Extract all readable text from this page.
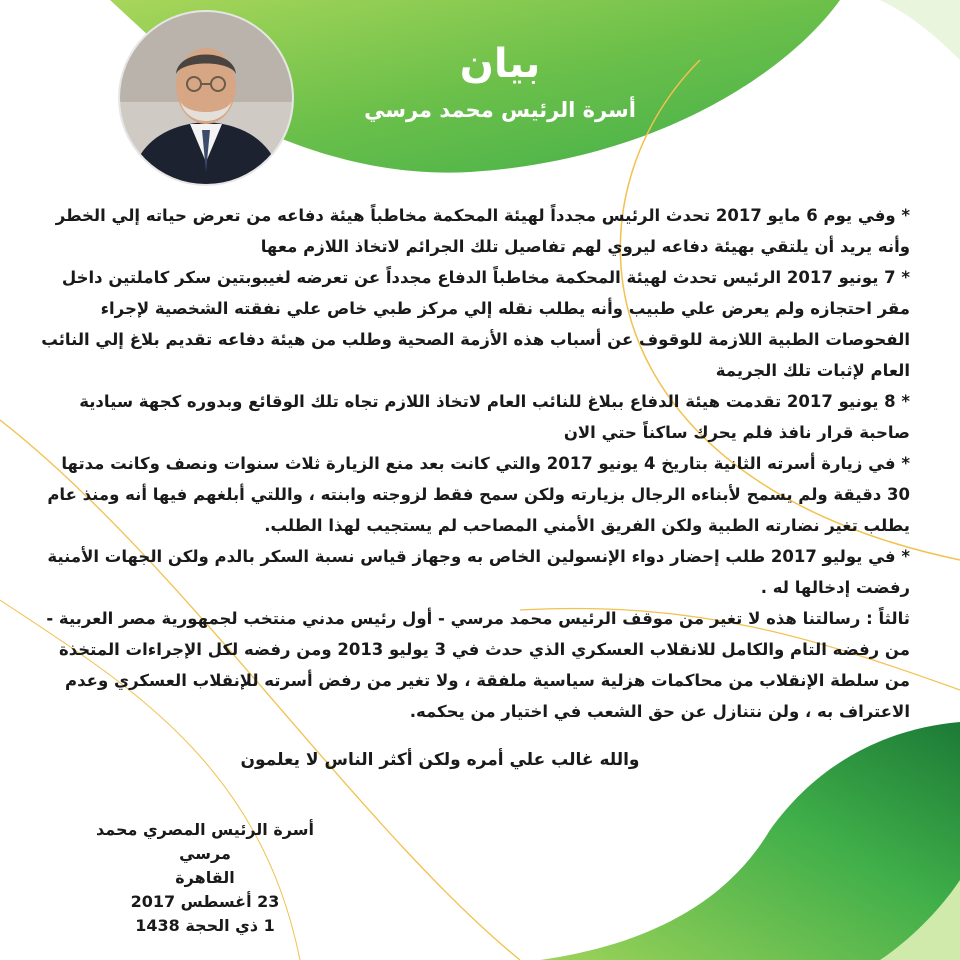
بيان
أسرة الرئيس محمد مرسي

* وفي يوم 6 مايو 2017 تحدث الرئيس مجدداً لهيئة المحكمة مخاطباً هيئة دفاعه من تعرض حياته إلي الخطر وأنه يريد أن يلتقي بهيئة دفاعه ليروي لهم تفاصيل تلك الجرائم لاتخاذ اللازم معها

* 7 يونيو 2017 الرئيس تحدث لهيئة المحكمة مخاطباً الدفاع مجدداً عن تعرضه لغيبوبتين سكر كاملتين داخل مقر احتجازه ولم يعرض علي طبيب وأنه يطلب نقله إلي مركز طبي خاص علي نفقته الشخصية لإجراء الفحوصات الطبية اللازمة للوقوف عن أسباب هذه الأزمة الصحية وطلب من هيئة دفاعه تقديم بلاغ إلي النائب العام لإثبات تلك الجريمة

* 8 يونيو 2017 تقدمت هيئة الدفاع ببلاغ للنائب العام لاتخاذ اللازم تجاه تلك الوقائع وبدوره كجهة سيادية صاحبة قرار نافذ فلم يحرك ساكناً حتي الان

* في زيارة أسرته الثانية بتاريخ 4 يونيو 2017 والتي كانت بعد منع الزيارة ثلاث سنوات ونصف وكانت مدتها 30 دقيقة ولم يسمح لأبناءه الرجال بزيارته ولكن سمح فقط لزوجته وابنته ، واللتي أبلغهم فيها أنه ومنذ عام يطلب تغير نضارته الطبية ولكن الفريق الأمني المصاحب لم يستجيب لهذا الطلب.

* في يوليو 2017 طلب إحضار دواء الإنسولين الخاص به وجهاز قياس نسبة السكر بالدم ولكن الجهات الأمنية رفضت إدخالها له .

ثالثاً : رسالتنا هذه لا تغير من موقف الرئيس محمد مرسي - أول رئيس مدني منتخب لجمهورية مصر العربية - من رفضه التام والكامل للانقلاب العسكري الذي حدث في 3 يوليو 2013 ومن رفضه لكل الإجراءات المتخذة من سلطة الإنقلاب من محاكمات هزلية سياسية ملفقة ، ولا تغير من رفض أسرته للإنقلاب العسكري وعدم الاعتراف به ، ولن نتنازل عن حق الشعب في اختيار من يحكمه.

والله غالب علي أمره ولكن أكثر الناس لا يعلمون
أسرة الرئيس المصري محمد مرسي
القاهرة
23 أغسطس 2017
1 ذي الحجة 1438
